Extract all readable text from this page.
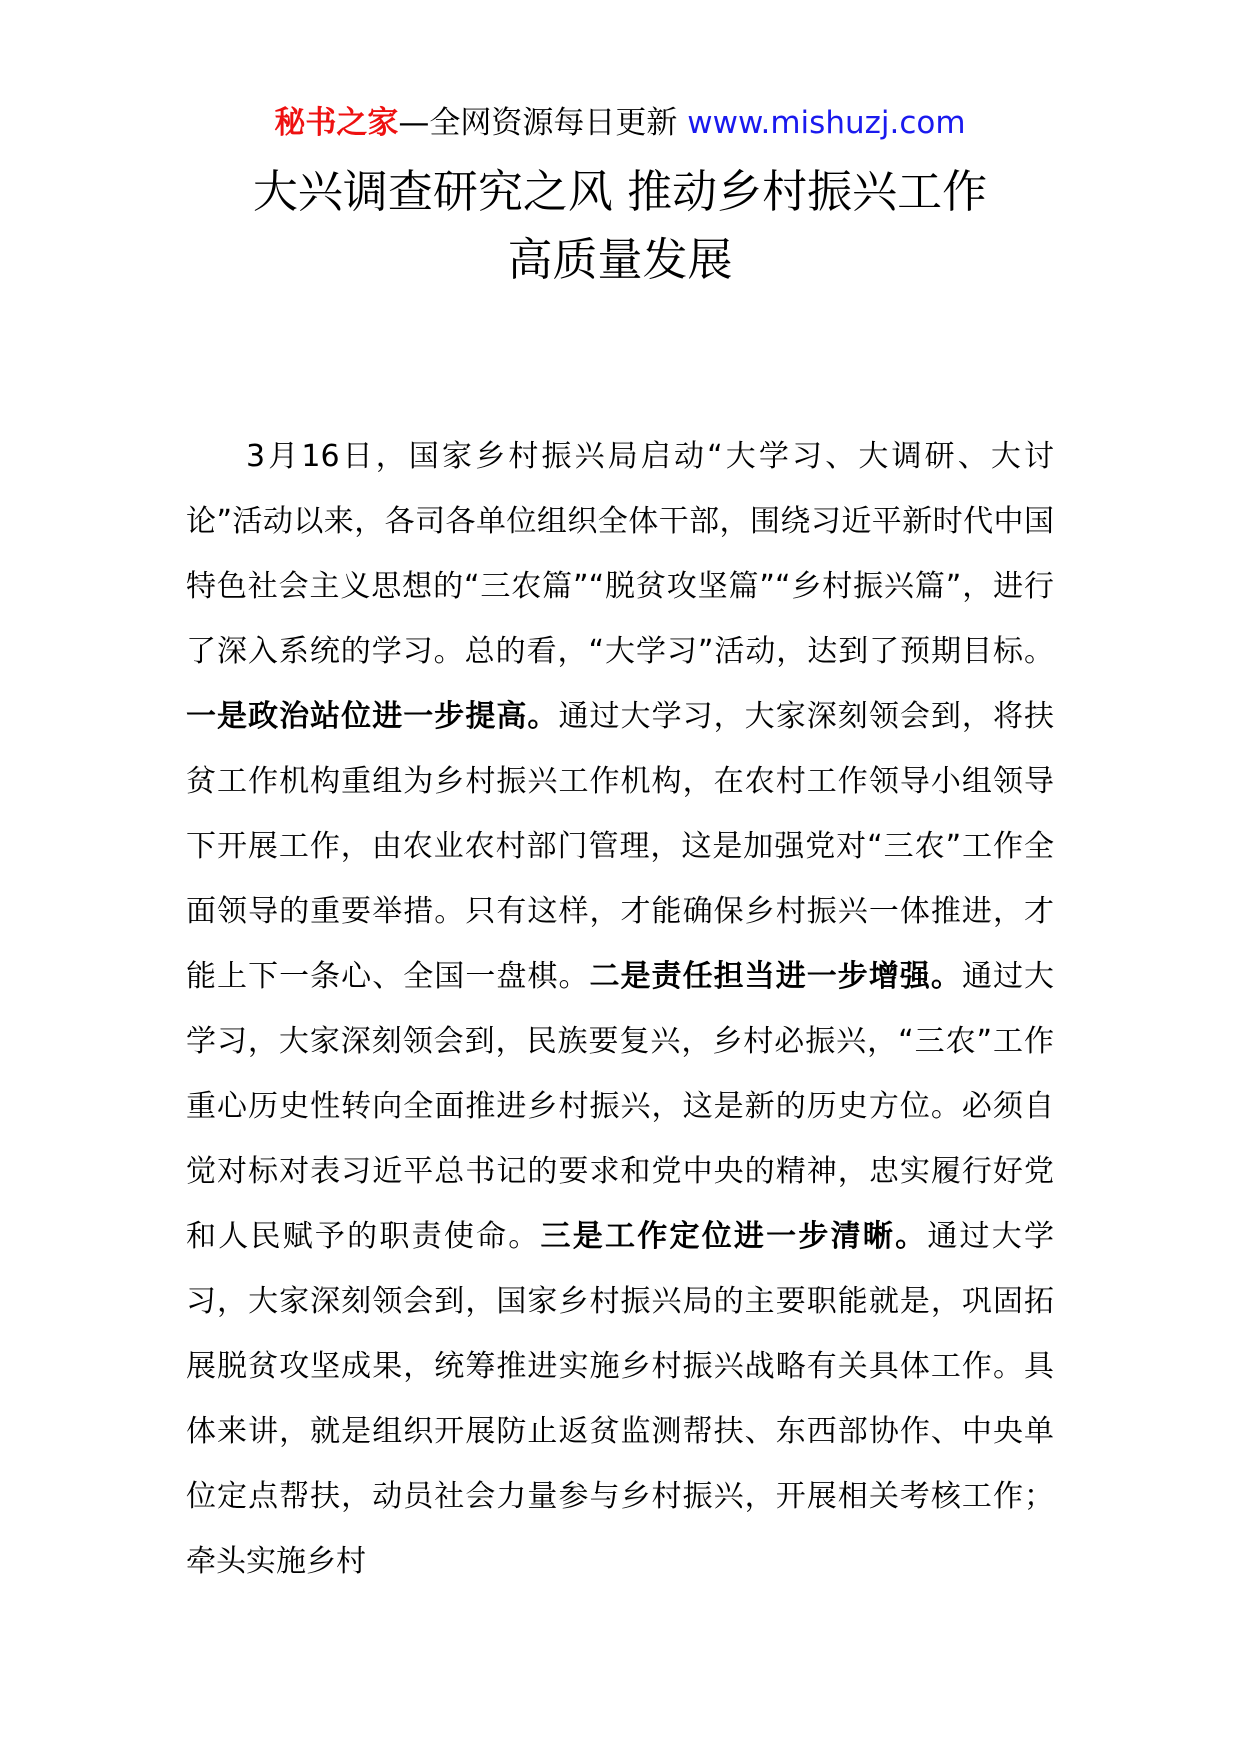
秘书之家—全网资源每日更新 www.mishuzj.com
大兴调查研究之风 推动乡村振兴工作
高质量发展

3月16日，国家乡村振兴局启动“大学习、大调研、大讨论”活动以来，各司各单位组织全体干部，围绕习近平新时代中国特色社会主义思想的“三农篇”“脱贫攻坚篇”“乡村振兴篇”，进行了深入系统的学习。总的看，“大学习”活动，达到了预期目标。一是政治站位进一步提高。通过大学习，大家深刻领会到，将扶贫工作机构重组为乡村振兴工作机构，在农村工作领导小组领导下开展工作，由农业农村部门管理，这是加强党对“三农”工作全面领导的重要举措。只有这样，才能确保乡村振兴一体推进，才能上下一条心、全国一盘棋。二是责任担当进一步增强。通过大学习，大家深刻领会到，民族要复兴，乡村必振兴，“三农”工作重心历史性转向全面推进乡村振兴，这是新的历史方位。必须自觉对标对表习近平总书记的要求和党中央的精神，忠实履行好党和人民赋予的职责使命。三是工作定位进一步清晰。通过大学习，大家深刻领会到，国家乡村振兴局的主要职能就是，巩固拓展脱贫攻坚成果，统筹推进实施乡村振兴战略有关具体工作。具体来讲，就是组织开展防止返贫监测帮扶、东西部协作、中央单位定点帮扶，动员社会力量参与乡村振兴，开展相关考核工作；牵头实施乡村
